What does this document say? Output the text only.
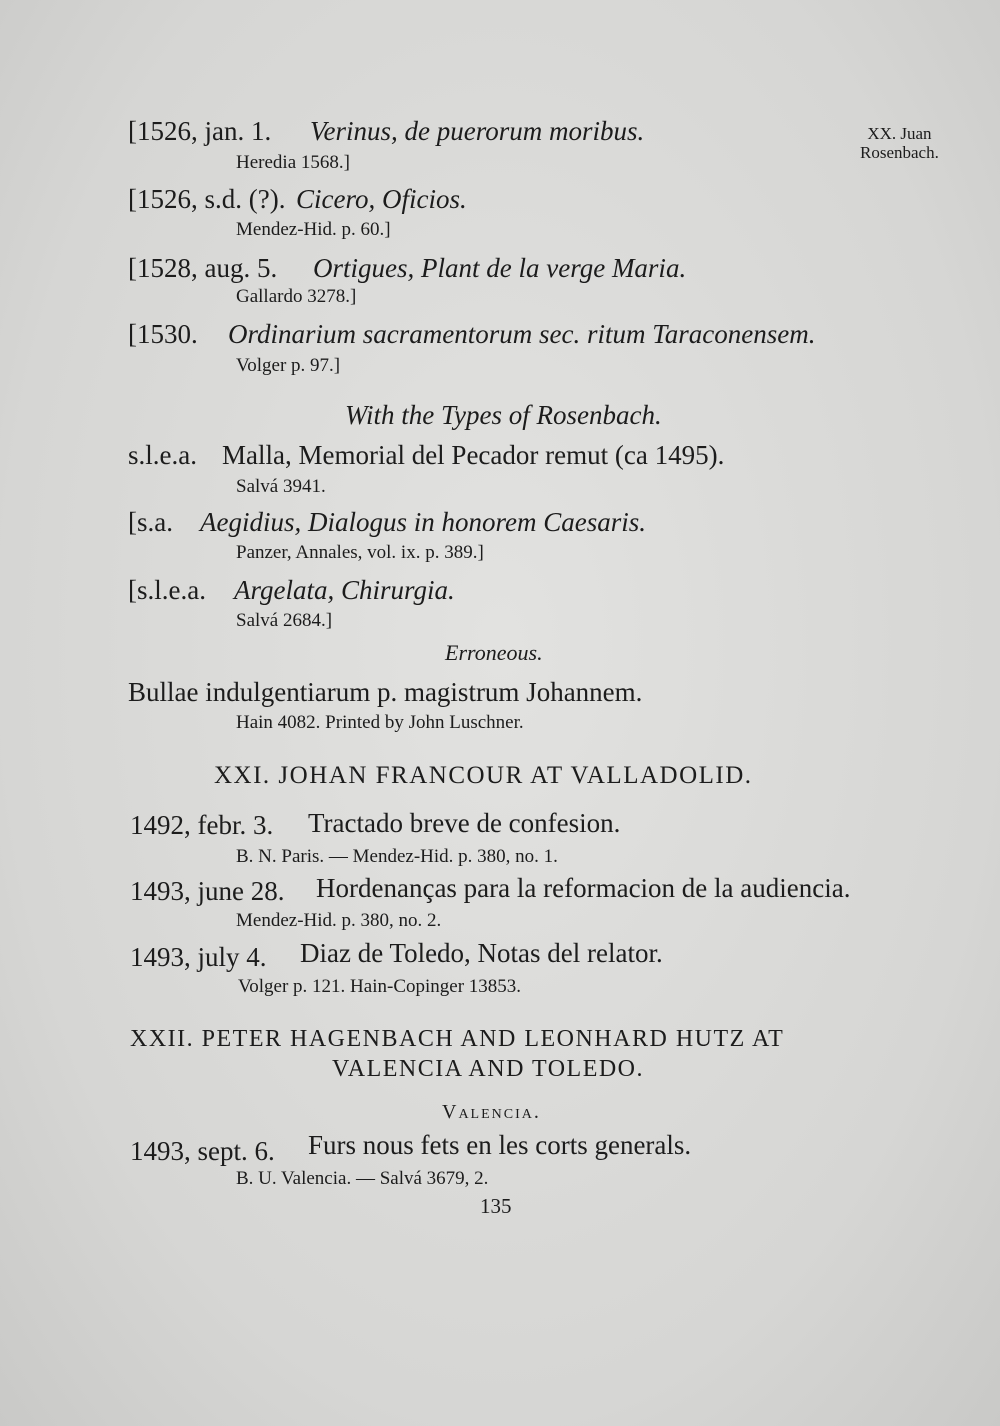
XX. Juan
Rosenbach.
[1526, jan. 1. Verinus, de puerorum moribus.
Heredia 1568.]
[1526, s.d. (?). Cicero, Oficios.
Mendez-Hid. p. 60.]
[1528, aug. 5. Ortigues, Plant de la verge Maria.
Gallardo 3278.]
[1530. Ordinarium sacramentorum sec. ritum Taraconensem.
Volger p. 97.]
With the Types of Rosenbach.
s.l.e.a. Malla, Memorial del Pecador remut (ca 1495).
Salvá 3941.
[s.a. Aegidius, Dialogus in honorem Caesaris.
Panzer, Annales, vol. ix. p. 389.]
[s.l.e.a. Argelata, Chirurgia.
Salvá 2684.]
Erroneous.
Bullae indulgentiarum p. magistrum Johannem.
Hain 4082. Printed by John Luschner.
XXI. JOHAN FRANCOUR AT VALLADOLID.
1492, febr. 3. Tractado breve de confesion.
B. N. Paris. — Mendez-Hid. p. 380, no. 1.
1493, june 28. Hordenanças para la reformacion de la audiencia.
Mendez-Hid. p. 380, no. 2.
1493, july 4. Diaz de Toledo, Notas del relator.
Volger p. 121. Hain-Copinger 13853.
XXII. PETER HAGENBACH AND LEONHARD HUTZ AT
VALENCIA AND TOLEDO.
Valencia.
1493, sept. 6. Furs nous fets en les corts generals.
B. U. Valencia. — Salvá 3679, 2.
135
